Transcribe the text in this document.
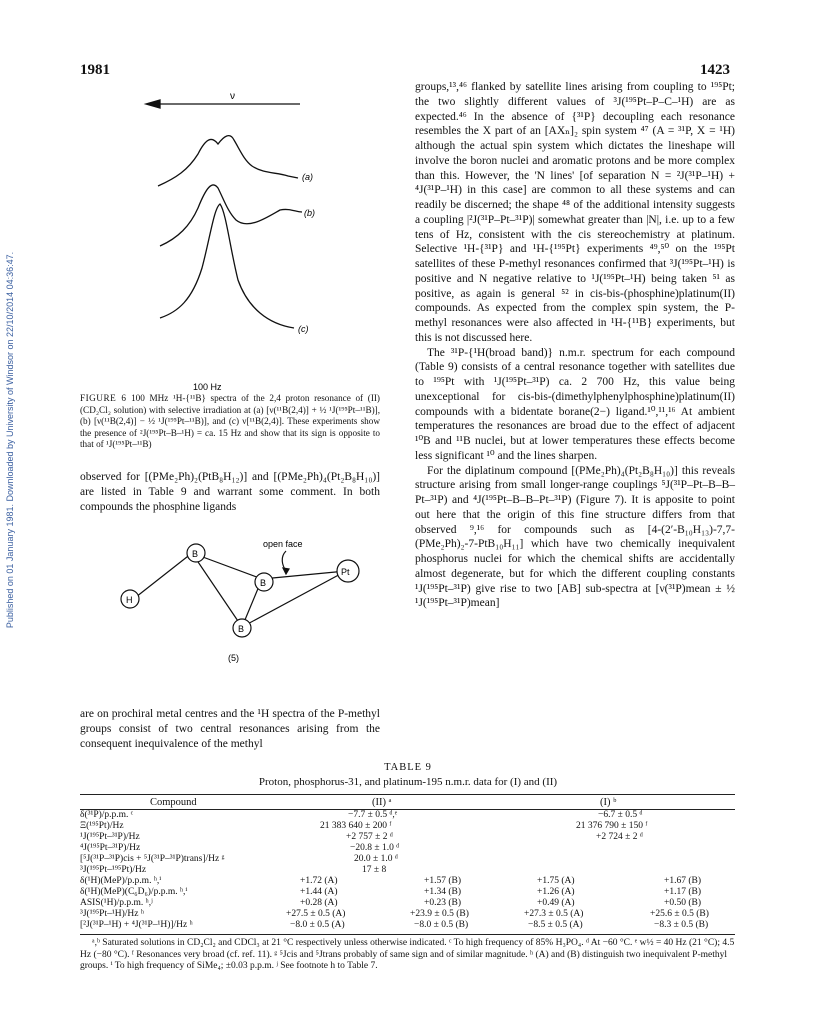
1981	1423
Published on 01 January 1981. Downloaded by University of Windsor on 22/10/2014 04:36:47.
ν
(a)
(b)
(c)
100 Hz
FIGURE 6 100 MHz ¹H-{¹¹B} spectra of the 2,4 proton resonance of (II) (CD₂Cl₂ solution) with selective irradiation at (a) [ν(¹¹B(2,4)] + ½ ¹J(¹⁹⁵Pt–¹¹B)], (b) [ν(¹¹B(2,4)] − ½ ¹J(¹⁹⁵Pt–¹¹B)], and (c) ν[¹¹B(2,4)]. These experiments show the presence of ²J(¹⁹⁵Pt–B–¹H) = ca. 15 Hz and show that its sign is opposite to that of ¹J(¹⁹⁵Pt–¹¹B)

observed for [(PMe₂Ph)₂(PtB₈H₁₂)] and [(PMe₂Ph)₄(Pt₂B₈H₁₀)] are listed in Table 9 and warrant some comment. In both compounds the phosphine ligands

H
B
B
B
Pt
open face
(5)

are on prochiral metal centres and the ¹H spectra of the P-methyl groups consist of two central resonances arising from the consequent inequivalence of the methyl

groups,¹³,⁴⁶ flanked by satellite lines arising from coupling to ¹⁹⁵Pt; the two slightly different values of ³J(¹⁹⁵Pt–P–C–¹H) are as expected.⁴⁶ In the absence of {³¹P} decoupling each resonance resembles the X part of an [AXₙ]₂ spin system ⁴⁷ (A = ³¹P, X = ¹H) although the actual spin system which dictates the lineshape will involve the boron nuclei and aromatic protons and be more complex than this. However, the 'N lines' [of separation N = ²J(³¹P–¹H) + ⁴J(³¹P–¹H) in this case] are common to all these systems and can readily be discerned; the shape ⁴⁸ of the additional intensity suggests a coupling |²J(³¹P–Pt–³¹P)| somewhat greater than |N|, i.e. up to a few tens of Hz, consistent with the cis stereochemistry at platinum. Selective ¹H-{³¹P} and ¹H-{¹⁹⁵Pt} experiments ⁴⁹,⁵⁰ on the ¹⁹⁵Pt satellites of these P-methyl resonances confirmed that ³J(¹⁹⁵Pt–¹H) is positive and N negative relative to ¹J(¹⁹⁵Pt–¹H) being taken ⁵¹ as positive, as again is general ⁵² in cis-bis-(phosphine)platinum(II) compounds. As expected from the complex spin system, the P-methyl resonances were also affected in ¹H-{¹¹B} experiments, but this is not discussed here.

The ³¹P-{¹H(broad band)} n.m.r. spectrum for each compound (Table 9) consists of a central resonance together with satellites due to ¹⁹⁵Pt with ¹J(¹⁹⁵Pt–³¹P) ca. 2 700 Hz, this value being unexceptional for cis-bis-(dimethylphenylphosphine)platinum(II) compounds with a bidentate borane(2−) ligand.¹⁰,¹¹,¹⁶ At ambient temperatures the resonances are broad due to the effect of adjacent ¹⁰B and ¹¹B nuclei, but at lower temperatures these effects become less significant ¹⁰ and the lines sharpen.

For the diplatinum compound [(PMe₂Ph)₄(Pt₂B₈H₁₀)] this reveals structure arising from small longer-range couplings ⁵J(³¹P–Pt–B–B–Pt–³¹P) and ⁴J(¹⁹⁵Pt–B–B–Pt–³¹P) (Figure 7). It is apposite to point out here that the origin of this fine structure differs from that observed ⁹,¹⁶ for compounds such as [4-(2′-B₁₀H₁₃)-7,7-(PMe₂Ph)₂-7-PtB₁₀H₁₁] which have two chemically inequivalent phosphorus nuclei for which the chemical shifts are accidentally almost degenerate, but for which the different coupling constants ¹J(¹⁹⁵Pt–³¹P) give rise to two [AB] sub-spectra at [ν(³¹P)mean ± ½ ¹J(¹⁹⁵Pt–³¹P)mean]

TABLE 9
Proton, phosphorus-31, and platinum-195 n.m.r. data for (I) and (II)
Compound	(II) ᵃ	(I) ᵇ
δ(³¹P)/p.p.m. ᶜ	−7.7 ± 0.5 ᵈ,ᵉ	−6.7 ± 0.5 ᵈ
Ξ(¹⁹⁵Pt)/Hz	21 383 640 ± 200 ᶠ	21 376 790 ± 150 ᶠ
¹J(¹⁹⁵Pt–³¹P)/Hz	+2 757 ± 2 ᵈ	+2 724 ± 2 ᵈ
⁴J(¹⁹⁵Pt–³¹P)/Hz	−20.8 ± 1.0 ᵈ
[⁵J(³¹P–³¹P)cis + ⁵J(³¹P–³¹P)trans]/Hz ᵍ	20.0 ± 1.0 ᵈ
³J(¹⁹⁵Pt–¹⁹⁵Pt)/Hz	17 ± 8
δ(¹H)(MeP)/p.p.m. ʰ,ⁱ	+1.72 (A)	+1.57 (B)	+1.75 (A)	+1.67 (B)
δ(¹H)(MeP)(C₆D₆)/p.p.m. ʰ,ⁱ	+1.44 (A)	+1.34 (B)	+1.26 (A)	+1.17 (B)
ASIS(¹H)/p.p.m. ʰ,ʲ	+0.28 (A)	+0.23 (B)	+0.49 (A)	+0.50 (B)
³J(¹⁹⁵Pt–¹H)/Hz ʰ	+27.5 ± 0.5 (A)	+23.9 ± 0.5 (B)	+27.3 ± 0.5 (A)	+25.6 ± 0.5 (B)
[²J(³¹P–¹H) + ⁴J(³¹P–¹H)]/Hz ʰ	−8.0 ± 0.5 (A)	−8.0 ± 0.5 (B)	−8.5 ± 0.5 (A)	−8.3 ± 0.5 (B)

ᵃ,ᵇ Saturated solutions in CD₂Cl₂ and CDCl₃ at 21 °C respectively unless otherwise indicated. ᶜ To high frequency of 85% H₃PO₄. ᵈ At −60 °C. ᵉ w½ = 40 Hz (21 °C); 4.5 Hz (−80 °C). ᶠ Resonances very broad (cf. ref. 11). ᵍ ⁵Jcis and ⁵Jtrans probably of same sign and of similar magnitude. ʰ (A) and (B) distinguish two inequivalent P-methyl groups. ⁱ To high frequency of SiMe₄; ±0.03 p.p.m. ʲ See footnote h to Table 7.
